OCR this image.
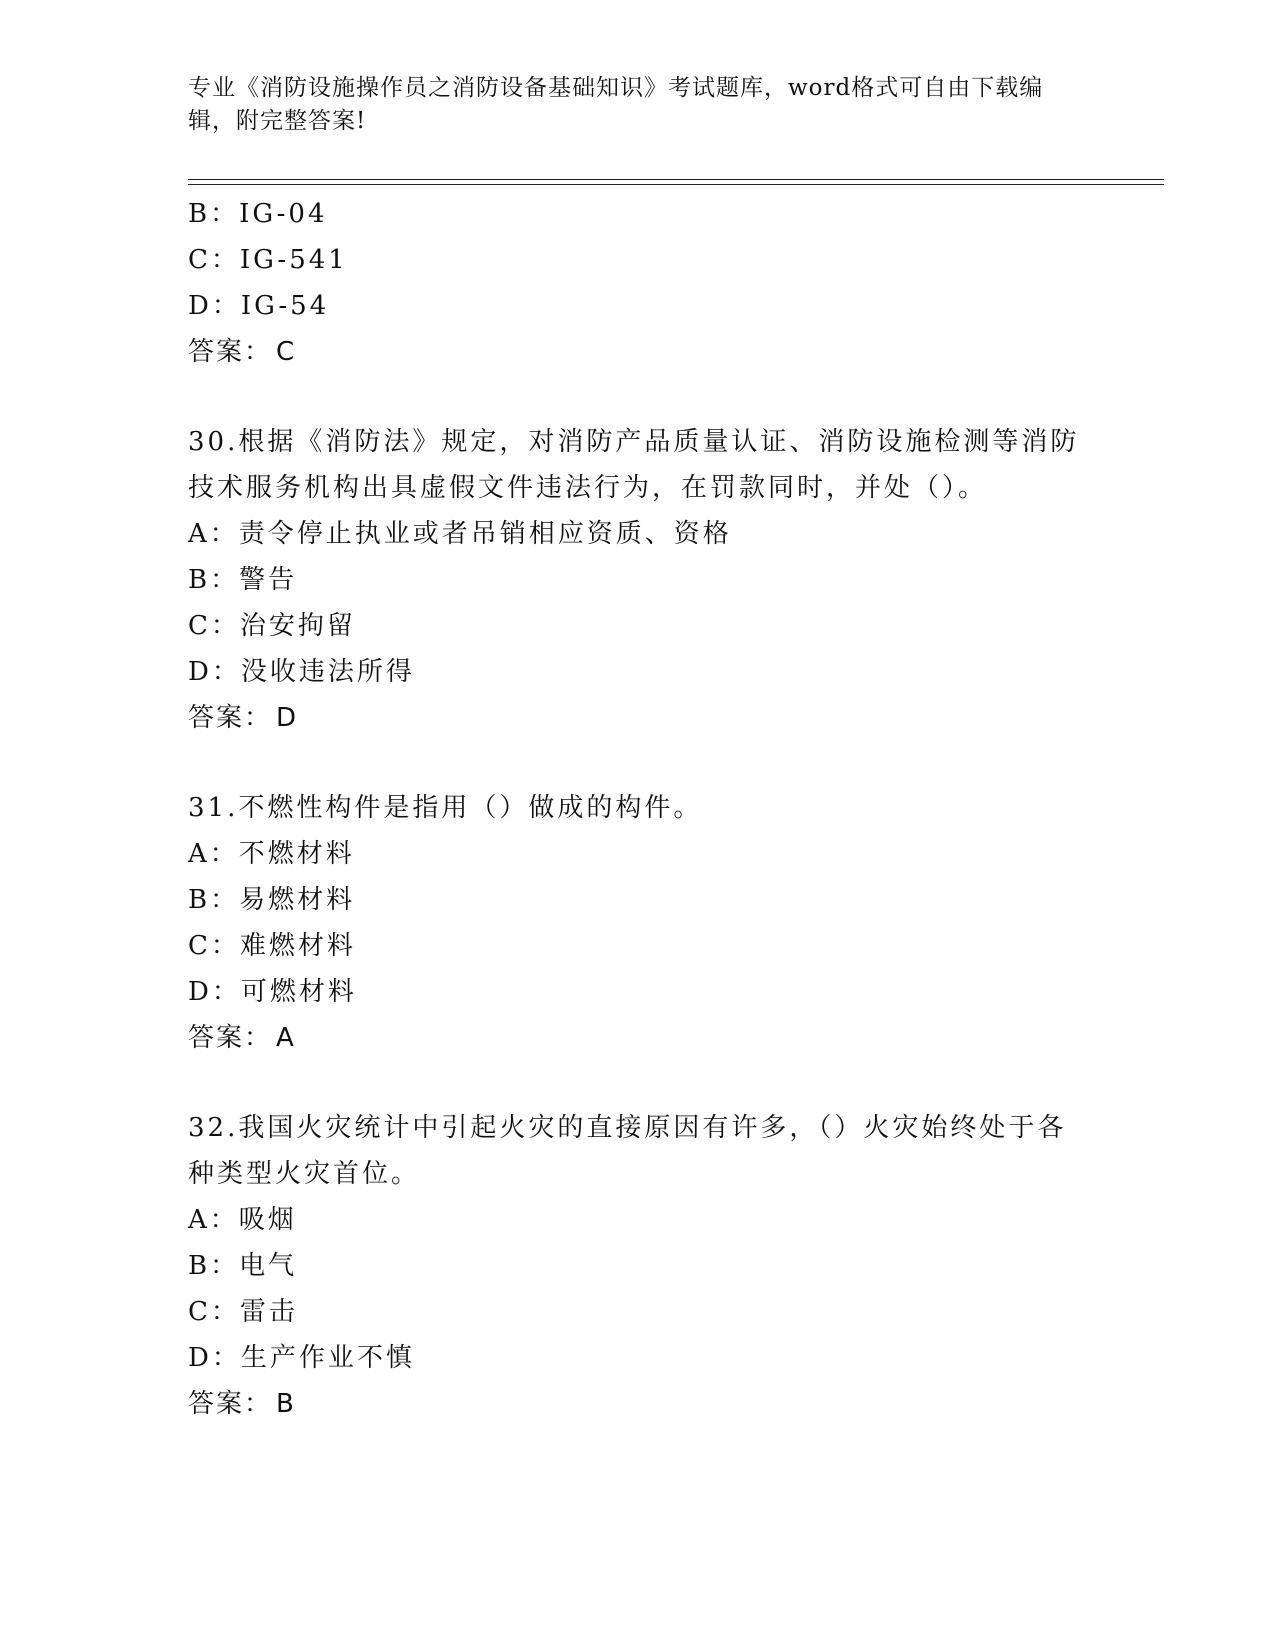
专业《消防设施操作员之消防设备基础知识》考试题库，word格式可自由下载编
辑，附完整答案!
B：IG-04
C：IG-541
D：IG-54
答案： C
30.根据《消防法》规定，对消防产品质量认证、消防设施检测等消防
技术服务机构出具虚假文件违法行为，在罚款同时，并处（）。
A：责令停止执业或者吊销相应资质、资格
B：警告
C：治安拘留
D：没收违法所得
答案： D
31.不燃性构件是指用（）做成的构件。
A：不燃材料
B：易燃材料
C：难燃材料
D：可燃材料
答案： A
32.我国火灾统计中引起火灾的直接原因有许多，（）火灾始终处于各
种类型火灾首位。
A：吸烟
B：电气
C：雷击
D：生产作业不慎
答案： B
